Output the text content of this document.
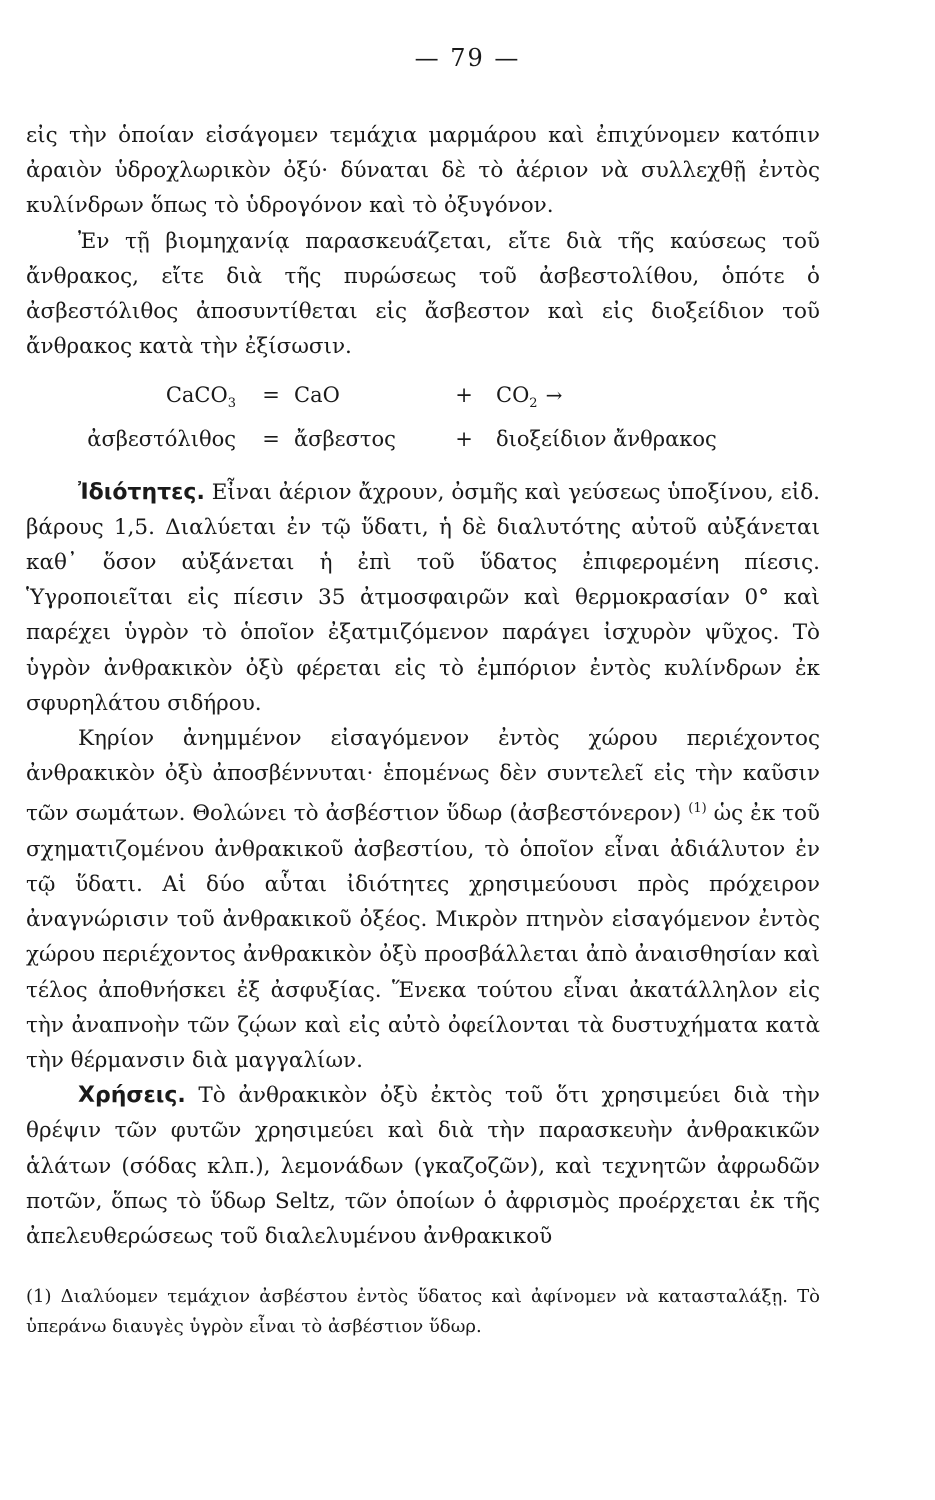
— 79 —

εἰς τὴν ὁποίαν εἰσάγομεν τεμάχια μαρμάρου καὶ ἐπιχύνομεν κατόπιν ἀραιὸν ὑδροχλωρικὸν ὀξύ· δύναται δὲ τὸ ἀέριον νὰ συλλεχθῇ ἐντὸς κυλίνδρων ὅπως τὸ ὑδρογόνον καὶ τὸ ὀξυγόνον.

Ἐν τῇ βιομηχανίᾳ παρασκευάζεται, εἴτε διὰ τῆς καύσεως τοῦ ἄνθρακος, εἴτε διὰ τῆς πυρώσεως τοῦ ἀσβεστολίθου, ὁπότε ὁ ἀσβεστόλιθος ἀποσυντίθεται εἰς ἄσβεστον καὶ εἰς διοξείδιον τοῦ ἄνθρακος κατὰ τὴν ἐξίσωσιν.

CaCO$_3$	= CaO	+	$CO_2$ →
ἀσβεστόλιθος	= ἄσβεστος	+	διοξείδιον ἄνθρακος

Ἰδιότητες. Εἶναι ἀέριον ἄχρουν, ὀσμῆς καὶ γεύσεως ὑποξίνου, εἰδ. βάρους 1,5. Διαλύεται ἐν τῷ ὕδατι, ἡ δὲ διαλυτότης αὐτοῦ αὐξάνεται καθ᾽ ὅσον αὐξάνεται ἡ ἐπὶ τοῦ ὕδατος ἐπιφερομένη πίεσις. Ὑγροποιεῖται εἰς πίεσιν 35 ἀτμοσφαιρῶν καὶ θερμοκρασίαν 0° καὶ παρέχει ὑγρὸν τὸ ὁποῖον ἐξατμιζόμενον παράγει ἰσχυρὸν ψῦχος. Τὸ ὑγρὸν ἀνθρακικὸν ὀξὺ φέρεται εἰς τὸ ἐμπόριον ἐντὸς κυλίνδρων ἐκ σφυρηλάτου σιδήρου.

Κηρίον ἀνημμένον εἰσαγόμενον ἐντὸς χώρου περιέχοντος ἀνθρακικὸν ὀξὺ ἀποσβέννυται· ἑπομένως δὲν συντελεῖ εἰς τὴν καῦσιν τῶν σωμάτων. Θολώνει τὸ ἀσβέστιον ὕδωρ (ἀσβεστόνερον) $^{(1)}$ ὡς ἐκ τοῦ σχηματιζομένου ἀνθρακικοῦ ἀσβεστίου, τὸ ὁποῖον εἶναι ἀδιάλυτον ἐν τῷ ὕδατι. Αἱ δύο αὗται ἰδιότητες χρησιμεύουσι πρὸς πρόχειρον ἀναγνώρισιν τοῦ ἀνθρακικοῦ ὀξέος. Μικρὸν πτηνὸν εἰσαγόμενον ἐντὸς χώρου περιέχοντος ἀνθρακικὸν ὀξὺ προσβάλλεται ἀπὸ ἀναισθησίαν καὶ τέλος ἀποθνήσκει ἐξ ἀσφυξίας. Ἕνεκα τούτου εἶναι ἀκατάλληλον εἰς τὴν ἀναπνοὴν τῶν ζῴων καὶ εἰς αὐτὸ ὀφείλονται τὰ δυστυχήματα κατὰ τὴν θέρμανσιν διὰ μαγγαλίων.

Χρήσεις. Τὸ ἀνθρακικὸν ὀξὺ ἐκτὸς τοῦ ὅτι χρησιμεύει διὰ τὴν θρέψιν τῶν φυτῶν χρησιμεύει καὶ διὰ τὴν παρασκευὴν ἀνθρακικῶν ἁλάτων (σόδας κλπ.), λεμονάδων (γκαζοζῶν), καὶ τεχνητῶν ἀφρωδῶν ποτῶν, ὅπως τὸ ὕδωρ Seltz, τῶν ὁποίων ὁ ἀφρισμὸς προέρχεται ἐκ τῆς ἀπελευθερώσεως τοῦ διαλελυμένου ἀνθρακικοῦ

(1) Διαλύομεν τεμάχιον ἀσβέστου ἐντὸς ὕδατος καὶ ἀφίνομεν νὰ κατασταλάξῃ. Τὸ ὑπεράνω διαυγὲς ὑγρὸν εἶναι τὸ ἀσβέστιον ὕδωρ.
